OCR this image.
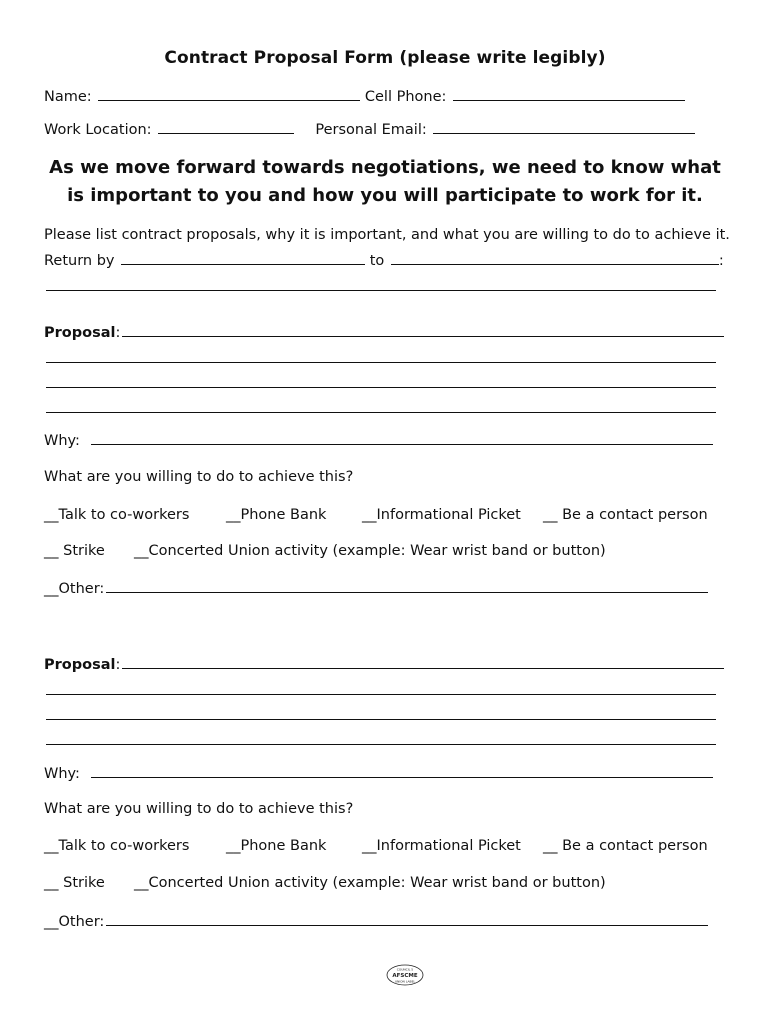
Contract Proposal Form (please write legibly)
Name:	Cell Phone:
Work Location:	Personal Email:
As we move forward towards negotiations, we need to know what is important to you and how you will participate to work for it.
Please list contract proposals, why it is important, and what you are willing to do to achieve it.
Return by	to	:
Proposal:
Why:
What are you willing to do to achieve this?
__Talk to co-workers	__Phone Bank __Informational Picket __ Be a contact person
__ Strike __Concerted Union activity (example: Wear wrist band or button)
__Other:
Proposal:
Why:
What are you willing to do to achieve this?
__Talk to co-workers	__Phone Bank __Informational Picket __ Be a contact person
__ Strike __Concerted Union activity (example: Wear wrist band or button)
__Other:
COUNCIL 5
AFSCME
UNION LABEL
